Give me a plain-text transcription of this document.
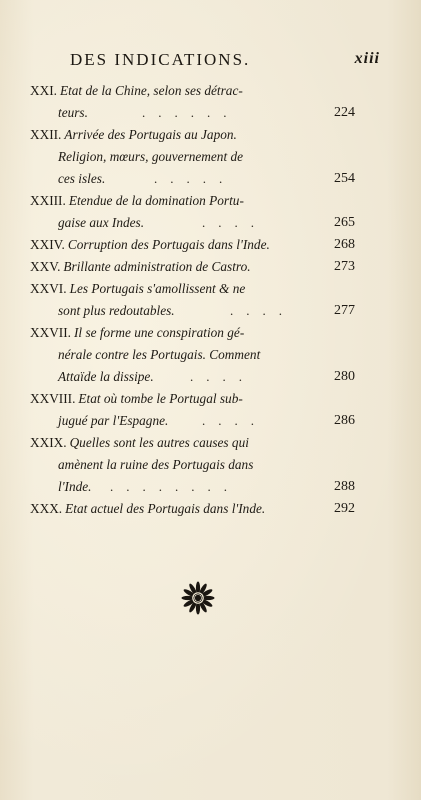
DES INDICATIONS.	xiii
XXI. Etat de la Chine, selon ses détrac-
teurs.	......	224
XXII. Arrivée des Portugais au Japon.
Religion, mœurs, gouvernement de
ces isles.	.....	254
XXIII. Etendue de la domination Portu-
gaise aux Indes.	....	265
XXIV. Corruption des Portugais dans l'Inde.	268
XXV. Brillante administration de Castro.	273
XXVI. Les Portugais s'amollissent & ne
sont plus redoutables.	....	277
XXVII. Il se forme une conspiration gé-
nérale contre les Portugais. Comment
Attaïde la dissipe.	....	280
XXVIII. Etat où tombe le Portugal sub-
jugué par l'Espagne.	....	286
XXIX. Quelles sont les autres causes qui
amènent la ruine des Portugais dans
l'Inde. ........	288
XXX. Etat actuel des Portugais dans l'Inde.	292
